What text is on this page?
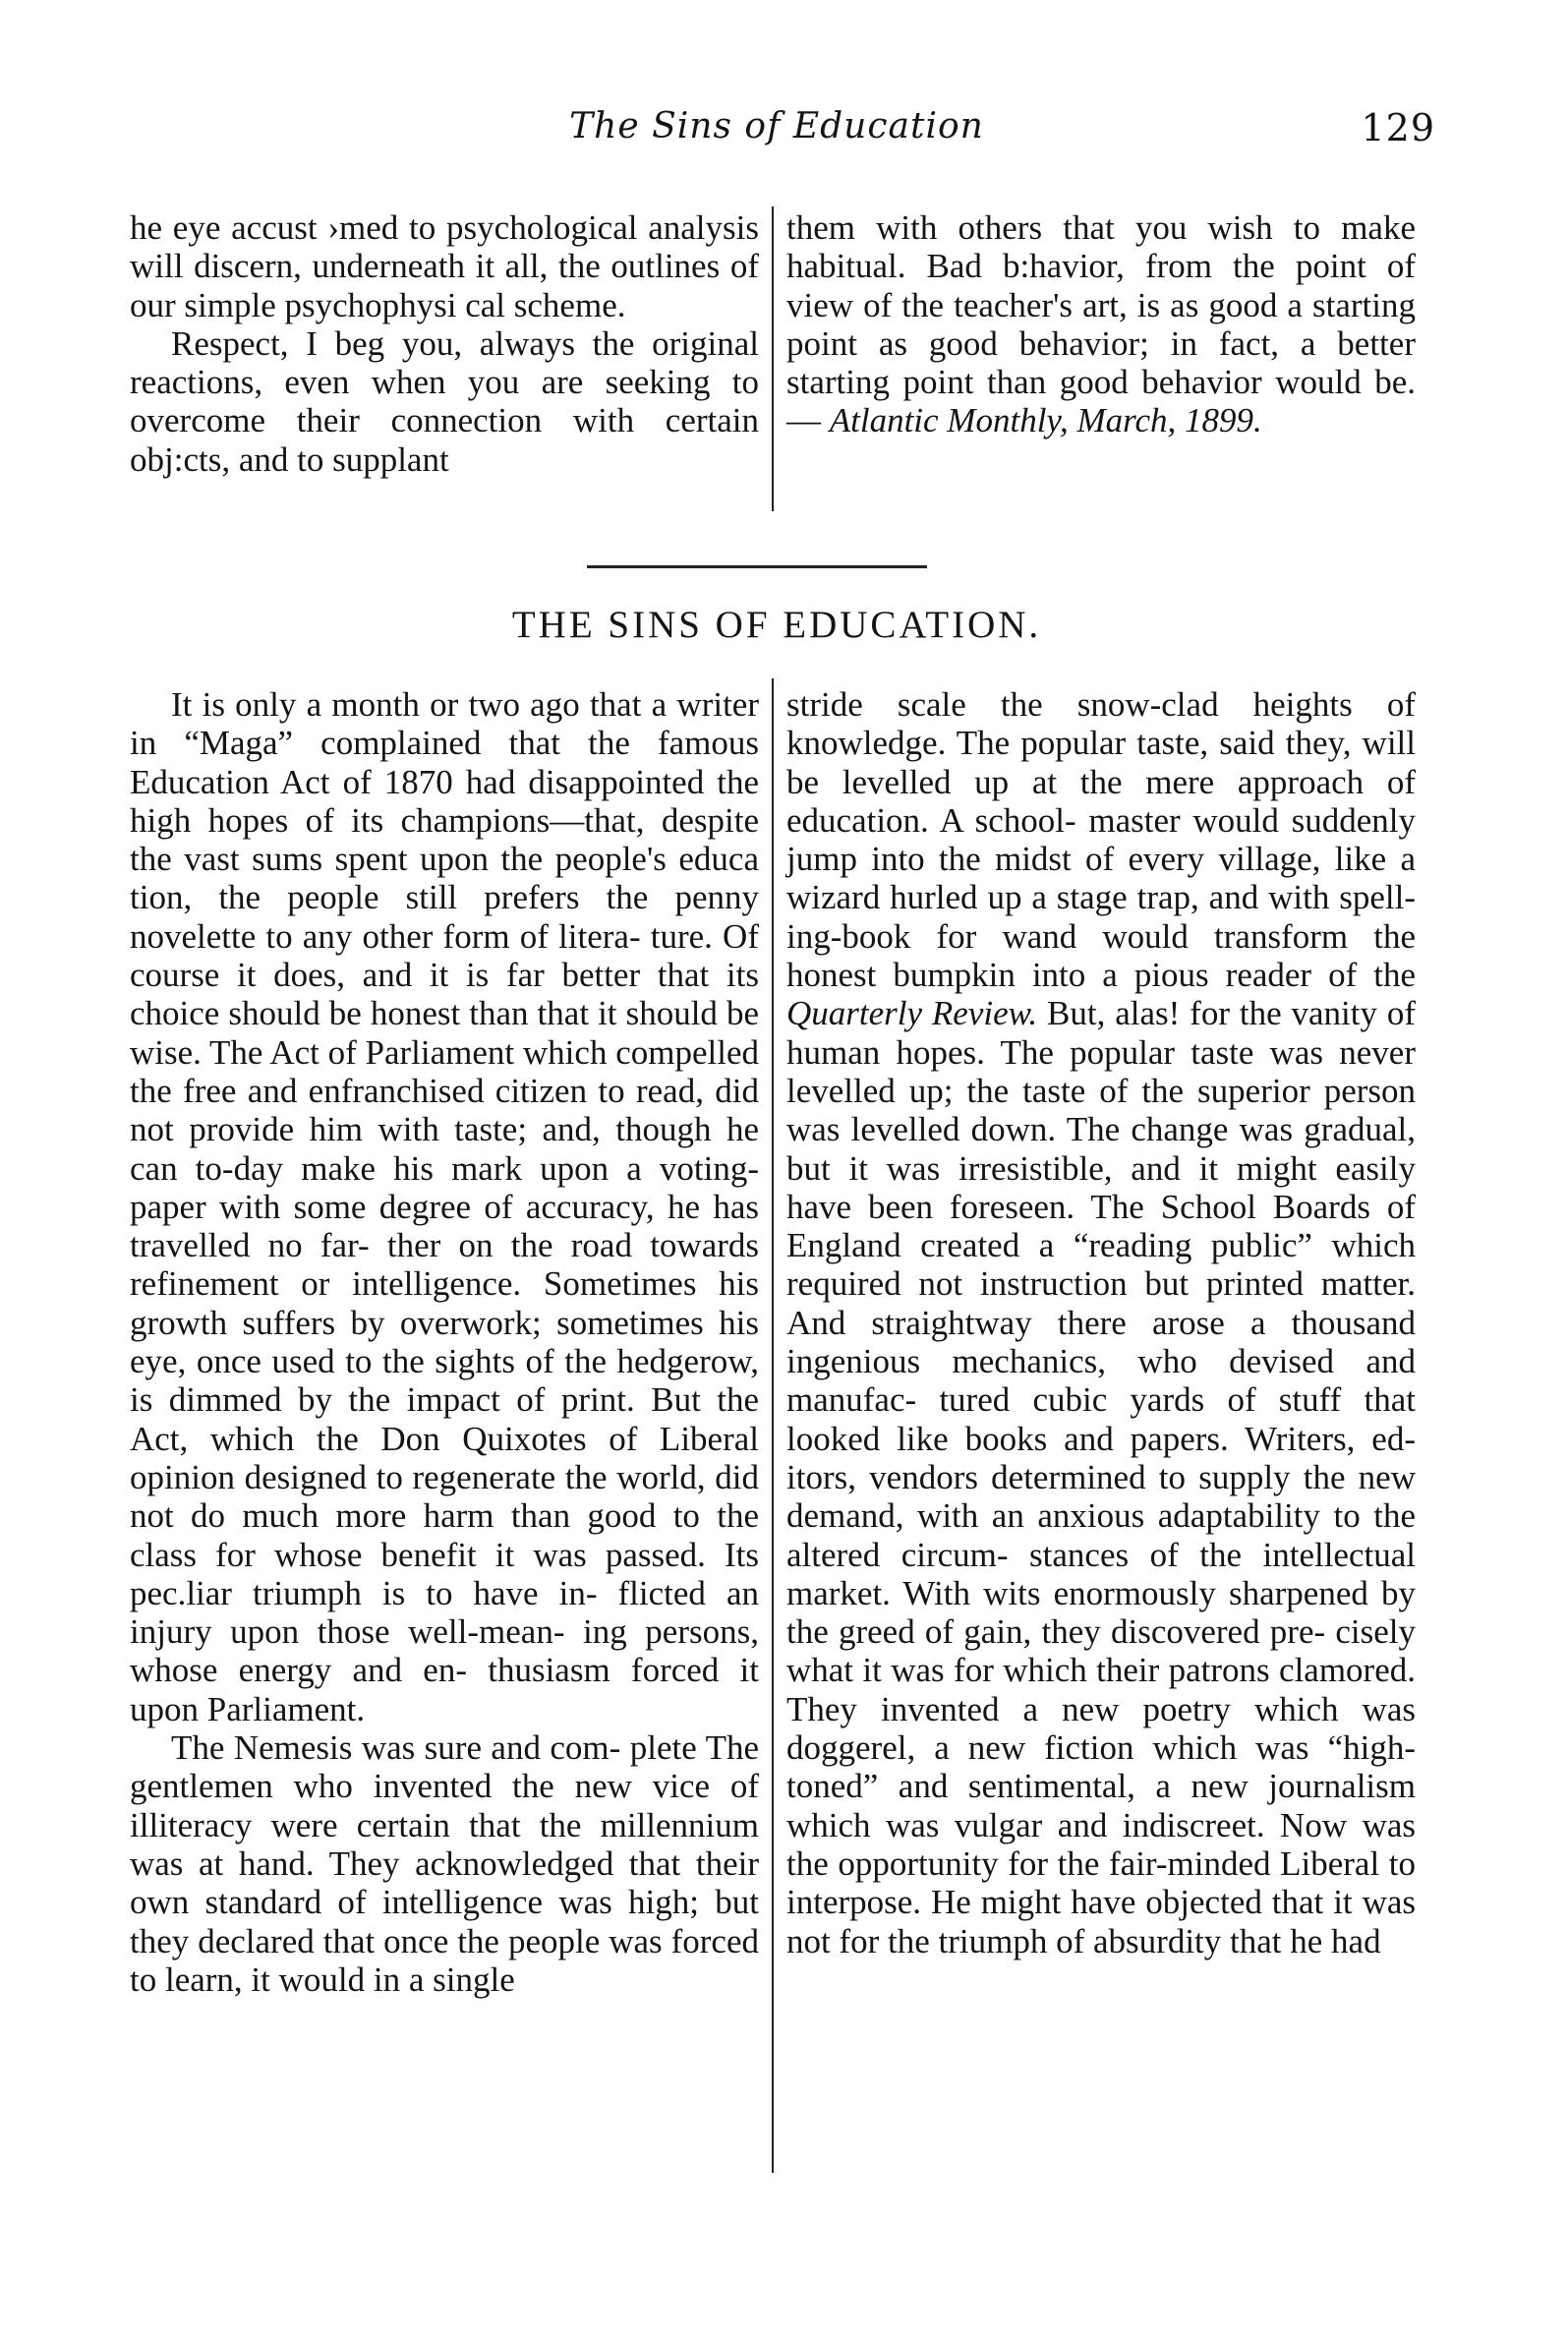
The Sins of Education	129

he eye accust ›med to psychological analysis will discern, underneath it all, the outlines of our simple psychophysi cal scheme.

Respect, I beg you, always the original reactions, even when you are seeking to overcome their connection with certain obj:cts, and to supplant

them with others that you wish to make habitual. Bad b:havior, from the point of view of the teacher's art, is as good a starting point as good behavior; in fact, a better starting point than good behavior would be.— Atlantic Monthly, March, 1899.

THE SINS OF EDUCATION.

It is only a month or two ago that a writer in “Maga” complained that the famous Education Act of 1870 had disappointed the high hopes of its champions—that, despite the vast sums spent upon the people's educa tion, the people still prefers the penny novelette to any other form of litera- ture. Of course it does, and it is far better that its choice should be honest than that it should be wise. The Act of Parliament which compelled the free and enfranchised citizen to read, did not provide him with taste; and, though he can to-day make his mark upon a voting-paper with some degree of accuracy, he has travelled no far- ther on the road towards refinement or intelligence. Sometimes his growth suffers by overwork; sometimes his eye, once used to the sights of the hedgerow, is dimmed by the impact of print. But the Act, which the Don Quixotes of Liberal opinion designed to regenerate the world, did not do much more harm than good to the class for whose benefit it was passed. Its pec.liar triumph is to have in- flicted an injury upon those well-mean- ing persons, whose energy and en- thusiasm forced it upon Parliament.

The Nemesis was sure and com- plete The gentlemen who invented the new vice of illiteracy were certain that the millennium was at hand. They acknowledged that their own standard of intelligence was high; but they declared that once the people was forced to learn, it would in a single

stride scale the snow-clad heights of knowledge. The popular taste, said they, will be levelled up at the mere approach of education. A school- master would suddenly jump into the midst of every village, like a wizard hurled up a stage trap, and with spell- ing-book for wand would transform the honest bumpkin into a pious reader of the Quarterly Review. But, alas! for the vanity of human hopes. The popular taste was never levelled up; the taste of the superior person was levelled down. The change was gradual, but it was irresistible, and it might easily have been foreseen. The School Boards of England created a “reading public” which required not instruction but printed matter. And straightway there arose a thousand ingenious mechanics, who devised and manufac- tured cubic yards of stuff that looked like books and papers. Writers, ed- itors, vendors determined to supply the new demand, with an anxious adaptability to the altered circum- stances of the intellectual market. With wits enormously sharpened by the greed of gain, they discovered pre- cisely what it was for which their patrons clamored. They invented a new poetry which was doggerel, a new fiction which was “high-toned” and sentimental, a new journalism which was vulgar and indiscreet. Now was the opportunity for the fair-minded Liberal to interpose. He might have objected that it was not for the triumph of absurdity that he had
